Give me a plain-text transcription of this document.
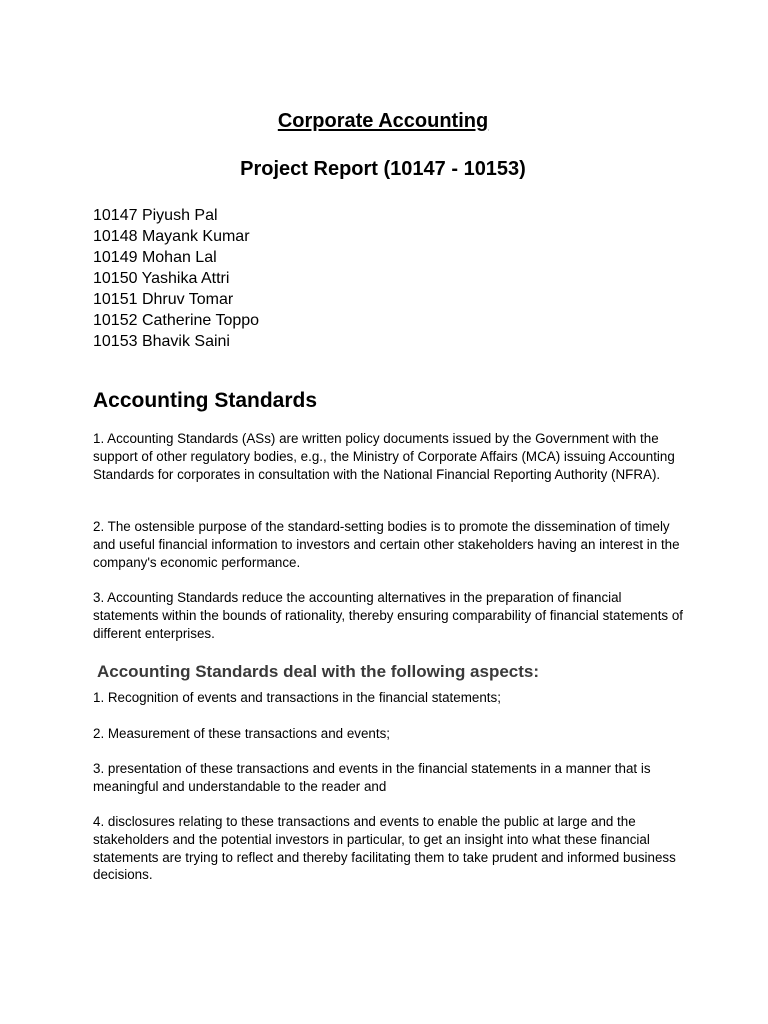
Corporate Accounting
Project Report (10147 - 10153)
10147 Piyush Pal
10148 Mayank Kumar
10149 Mohan Lal
10150 Yashika Attri
10151 Dhruv Tomar
10152 Catherine Toppo
10153 Bhavik Saini
Accounting Standards

1. Accounting Standards (ASs) are written policy documents issued by the Government with the support of other regulatory bodies, e.g., the Ministry of Corporate Affairs (MCA) issuing Accounting Standards for corporates in consultation with the National Financial Reporting Authority (NFRA).

2. The ostensible purpose of the standard-setting bodies is to promote the dissemination of timely and useful financial information to investors and certain other stakeholders having an interest in the company's economic performance.

3. Accounting Standards reduce the accounting alternatives in the preparation of financial statements within the bounds of rationality, thereby ensuring comparability of financial statements of different enterprises.

Accounting Standards deal with the following aspects:

1. Recognition of events and transactions in the financial statements;

2. Measurement of these transactions and events;

3. presentation of these transactions and events in the financial statements in a manner that is meaningful and understandable to the reader and

4. disclosures relating to these transactions and events to enable the public at large and the stakeholders and the potential investors in particular, to get an insight into what these financial statements are trying to reflect and thereby facilitating them to take prudent and informed business decisions.
